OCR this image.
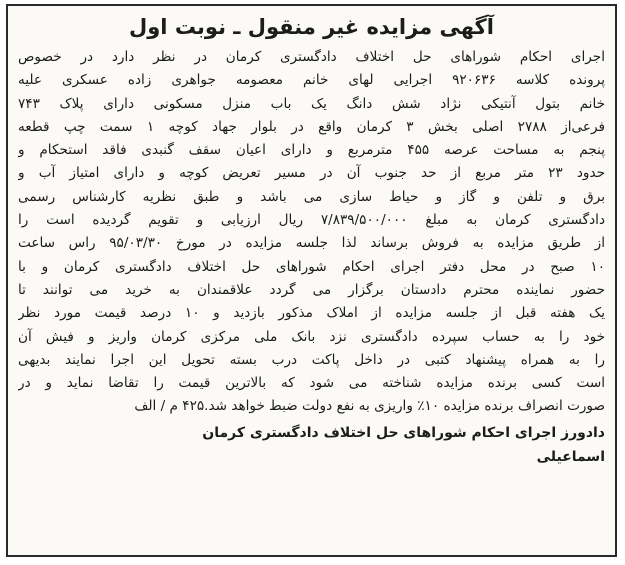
آگهی مزایده غیر منقول ـ نوبت اول
اجرای احکام شوراهای حل اختلاف دادگستری کرمان در نظر دارد در خصوص
پرونده کلاسه ۹۲۰۶۳۶ اجرایی لهای خانم معصومه جواهری زاده عسکری علیه
خانم بتول آنتیکی نژاد شش دانگ یک باب منزل مسکونی دارای پلاک ۷۴۳
فرعی‌از ۲۷۸۸ اصلی بخش ۳ کرمان واقع در بلوار جهاد کوچه ۱ سمت چپ قطعه
پنجم به مساحت عرصه ۴۵۵ مترمربع و دارای اعیان سقف گنبدی فاقد استحکام و
حدود ۲۳ متر مربع از حد جنوب آن در مسیر تعریض کوچه و دارای امتیاز آب و
برق و تلفن و گاز و حیاط سازی می باشد و طبق نظریه کارشناس رسمی
دادگستری کرمان به مبلغ ۷/۸۳۹/۵۰۰/۰۰۰ ریال ارزیابی و تقویم گردیده است را
از طریق مزایده به فروش برساند لذا جلسه مزایده در مورخ ۹۵/۰۳/۳۰ راس ساعت
۱۰ صبح در محل دفتر اجرای احکام شوراهای حل اختلاف دادگستری کرمان و با
حضور نماینده محترم دادستان برگزار می گردد علاقمندان به خرید می توانند تا
یک هفته قبل از جلسه مزایده از املاک مذکور بازدید و ۱۰ درصد قیمت مورد نظر
خود را به حساب سپرده دادگستری نزد بانک ملی مرکزی کرمان واریز و فیش آن
را به همراه پیشنهاد کتبی در داخل پاکت درب بسته تحویل این اجرا نمایند بدیهی
است کسی برنده مزایده شناخته می شود که بالاترین قیمت را تقاضا نماید و در
صورت انصراف برنده مزایده ۱۰٪ واریزی به نفع دولت ضبط خواهد شد.۴۲۵ م / الف
دادورز اجرای احکام شوراهای حل اختلاف دادگستری کرمان
اسماعیلی
